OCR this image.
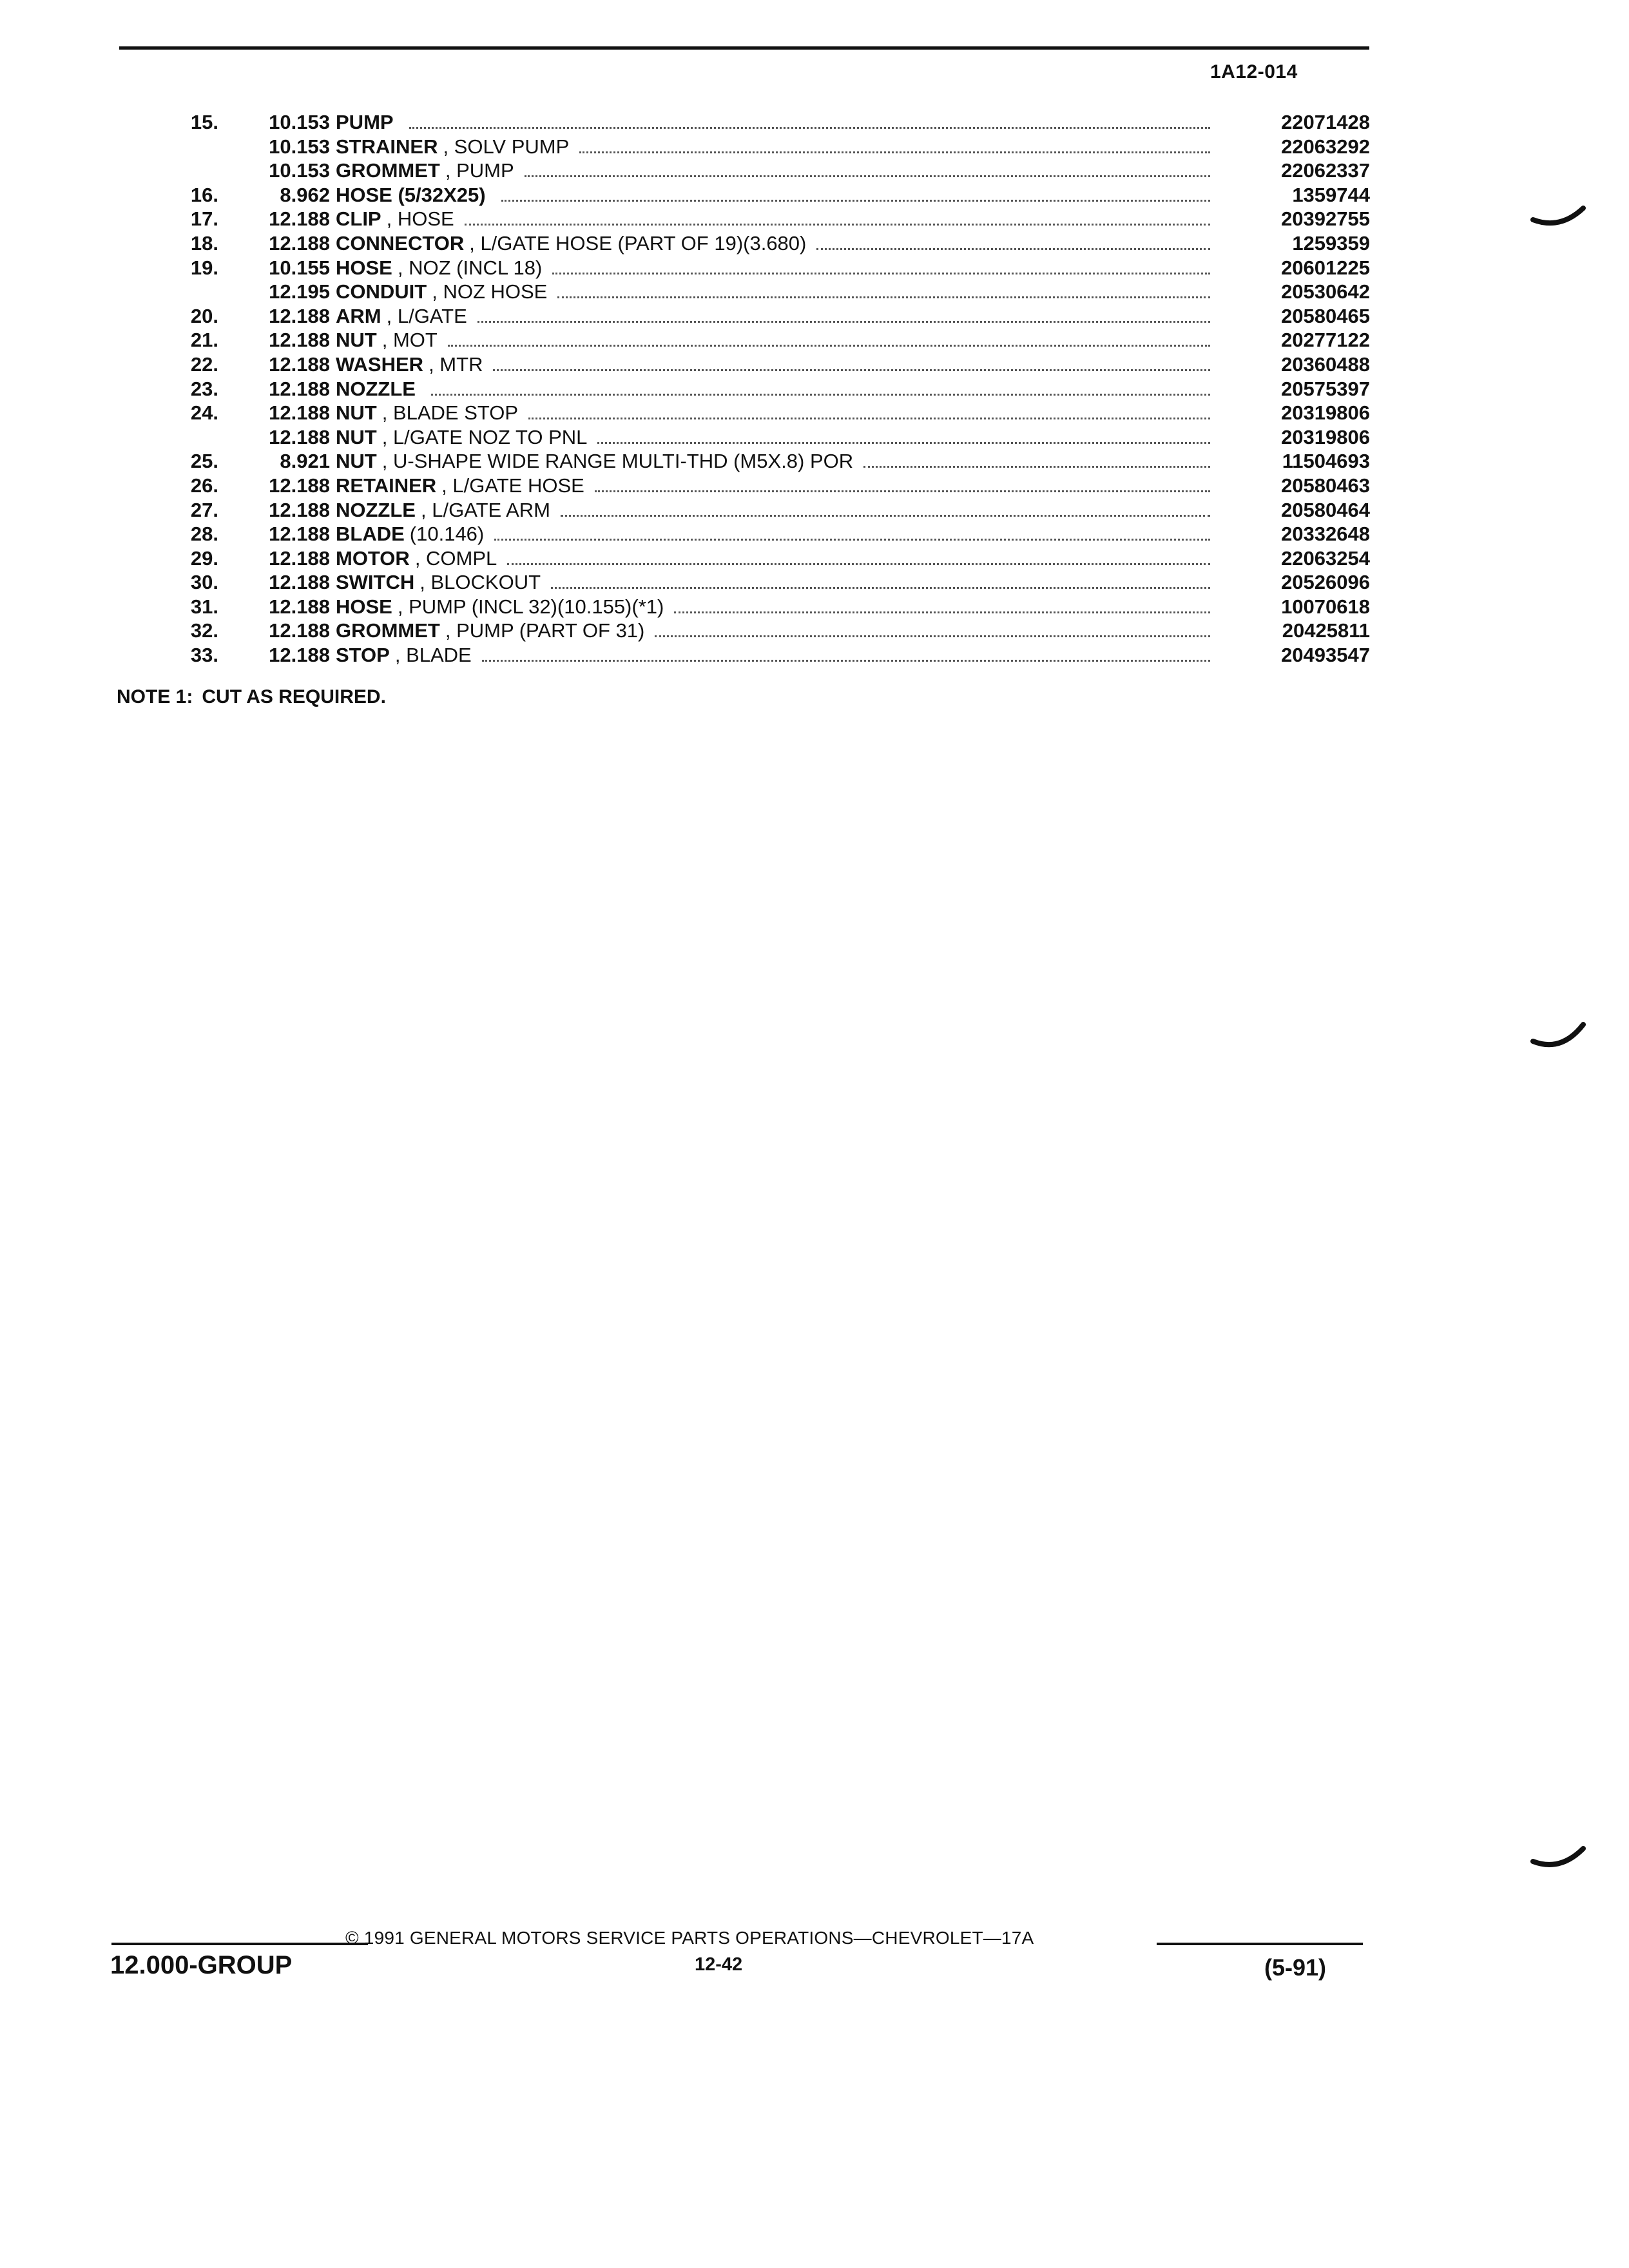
1A12-014
15.	10.153 PUMP	22071428
10.153 STRAINER , SOLV PUMP	22063292
10.153 GROMMET , PUMP	22062337
16.	8.962 HOSE (5/32X25)	1359744
17.	12.188 CLIP , HOSE	20392755
18.	12.188 CONNECTOR , L/GATE HOSE (PART OF 19)(3.680)	1259359
19.	10.155 HOSE , NOZ (INCL 18)	20601225
12.195 CONDUIT , NOZ HOSE	20530642
20.	12.188 ARM , L/GATE	20580465
21.	12.188 NUT , MOT	20277122
22.	12.188 WASHER , MTR	20360488
23.	12.188 NOZZLE	20575397
24.	12.188 NUT , BLADE STOP	20319806
12.188 NUT , L/GATE NOZ TO PNL	20319806
25.	8.921 NUT , U-SHAPE WIDE RANGE MULTI-THD (M5X.8) POR	11504693
26.	12.188 RETAINER , L/GATE HOSE	20580463
27.	12.188 NOZZLE , L/GATE ARM	20580464
28.	12.188 BLADE (10.146)	20332648
29.	12.188 MOTOR , COMPL	22063254
30.	12.188 SWITCH , BLOCKOUT	20526096
31.	12.188 HOSE , PUMP (INCL 32)(10.155)(*1)	10070618
32.	12.188 GROMMET , PUMP (PART OF 31)	20425811
33.	12.188 STOP , BLADE	20493547
NOTE 1: CUT AS REQUIRED.
© 1991 GENERAL MOTORS SERVICE PARTS OPERATIONS—CHEVROLET—17A
12.000-GROUP	12-42	(5-91)
